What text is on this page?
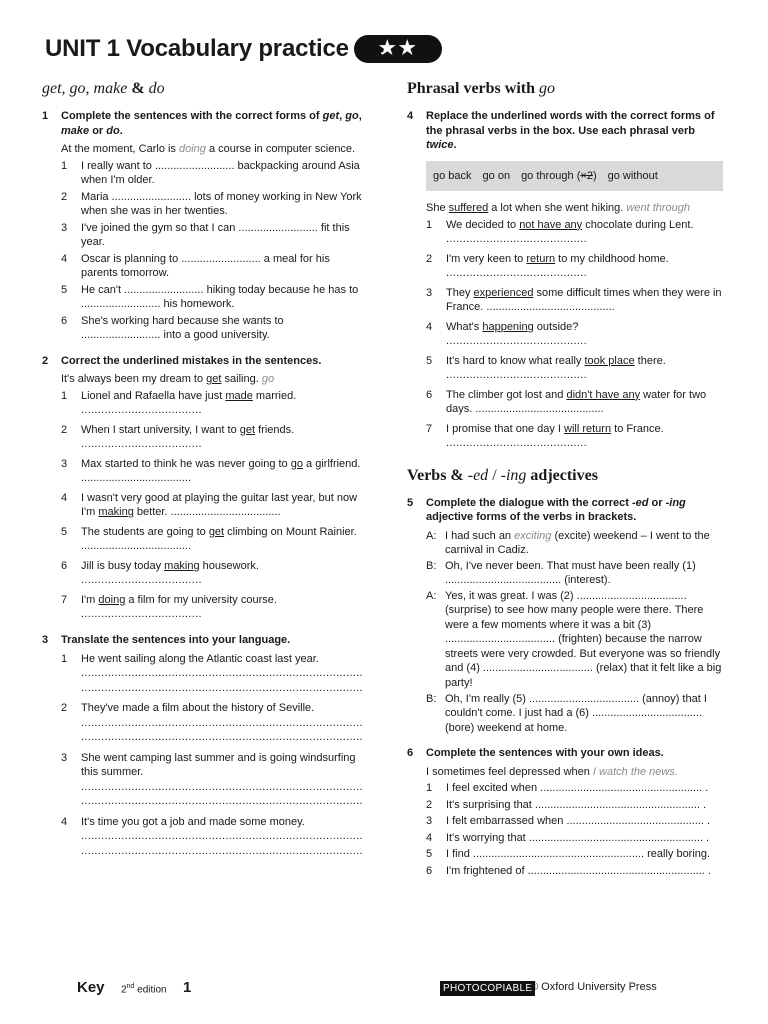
UNIT 1 Vocabulary practice ★★
get, go, make & do
1	Complete the sentences with the correct forms of get, go, make or do.
At the moment, Carlo is doing a course in computer science.
1	I really want to .......................... backpacking around Asia when I'm older.
2	Maria .......................... lots of money working in New York when she was in her twenties.
3	I've joined the gym so that I can .......................... fit this year.
4	Oscar is planning to .......................... a meal for his parents tomorrow.
5	He can't .......................... hiking today because he has to .......................... his homework.
6	She's working hard because she wants to .......................... into a good university.
2	Correct the underlined mistakes in the sentences.
It's always been my dream to get sailing. go
1	Lionel and Rafaella have just made married.
....................................
2	When I start university, I want to get friends.
....................................
3	Max started to think he was never going to go a girlfriend. ....................................
4	I wasn't very good at playing the guitar last year, but now I'm making better. ....................................
5	The students are going to get climbing on Mount Rainier. ....................................
6	Jill is busy today making housework.
....................................
7	I'm doing a film for my university course.
....................................
3	Translate the sentences into your language.
1	He went sailing along the Atlantic coast last year.
....................................................................................
....................................................................................
2	They've made a film about the history of Seville.
....................................................................................
....................................................................................
3	She went camping last summer and is going windsurfing this summer.
....................................................................................
....................................................................................
4	It's time you got a job and made some money.
....................................................................................
....................................................................................
Phrasal verbs with go
4	Replace the underlined words with the correct forms of the phrasal verbs in the box. Use each phrasal verb twice.
go back go on go through (×2) go without
She suffered a lot when she went hiking. went through
1	We decided to not have any chocolate during Lent.
..........................................
2	I'm very keen to return to my childhood home.
..........................................
3	They experienced some difficult times when they were in France. ..........................................
4	What's happening outside?
..........................................
5	It's hard to know what really took place there.
..........................................
6	The climber got lost and didn't have any water for two days. ..........................................
7	I promise that one day I will return to France.
..........................................
Verbs & -ed / -ing adjectives
5	Complete the dialogue with the correct -ed or -ing adjective forms of the verbs in brackets.
A: I had such an exciting (excite) weekend – I went to the carnival in Cadiz.
B: Oh, I've never been. That must have been really (1) ...................................... (interest).
A: Yes, it was great. I was (2) .................................... (surprise) to see how many people were there. There were a few moments where it was a bit (3) .................................... (frighten) because the narrow streets were very crowded. But everyone was so friendly and (4) .................................... (relax) that it felt like a big party!
B: Oh, I'm really (5) .................................... (annoy) that I couldn't come. I just had a (6) .................................... (bore) weekend at home.
6	Complete the sentences with your own ideas.
I sometimes feel depressed when I watch the news.
1	I feel excited when ..................................................... .
2	It's surprising that ...................................................... .
3	I felt embarrassed when ............................................. .
4	It's worrying that ......................................................... .
5	I find ........................................................ really boring.
6	I'm frightened of .......................................................... .
Key 2nd edition 1	PHOTOCOPIABLE
© Oxford University Press
